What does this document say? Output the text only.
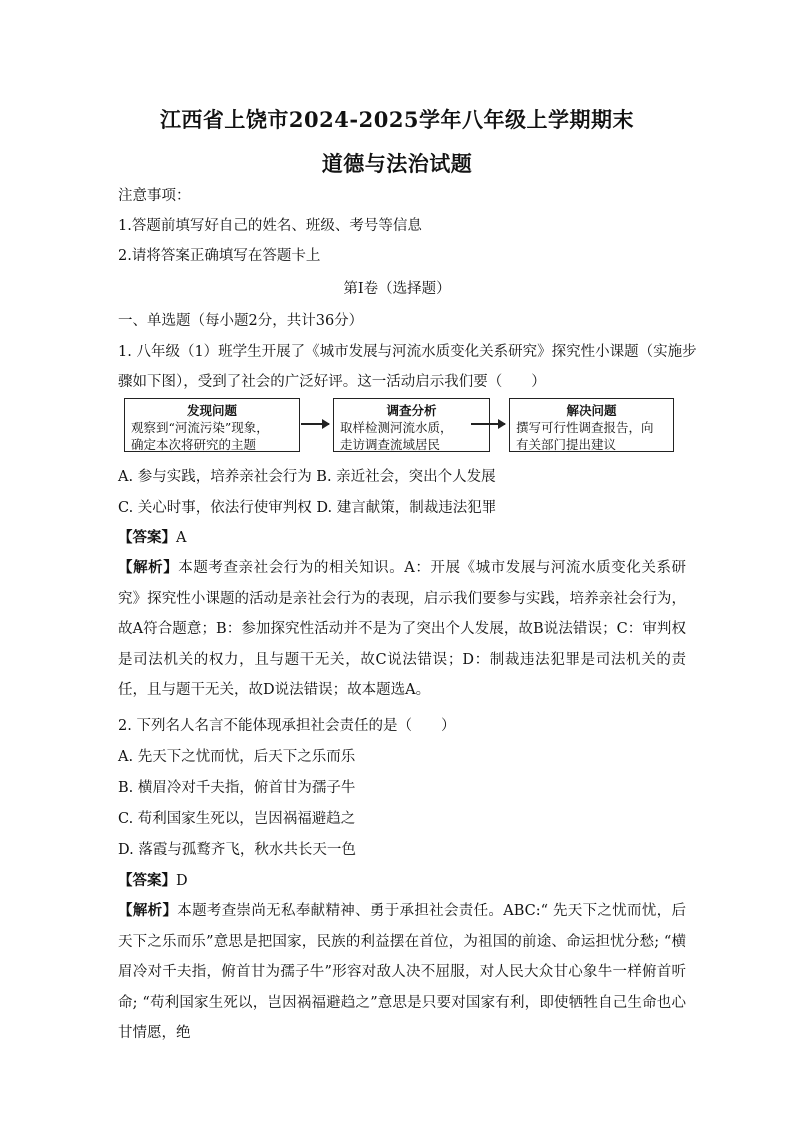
江西省上饶市2024-2025学年八年级上学期期末
道德与法治试题
注意事项：
1.答题前填写好自己的姓名、班级、考号等信息
2.请将答案正确填写在答题卡上
第Ⅰ卷（选择题）
一、单选题（每小题2分，共计36分）
1. 八年级（1）班学生开展了《城市发展与河流水质变化关系研究》探究性小课题（实施步
骤如下图），受到了社会的广泛好评。这一活动启示我们要（　　）
发现问题
观察到“河流污染”现象，
确定本次将研究的主题
调查分析
取样检测河流水质，
走访调查流域居民
解决问题
撰写可行性调查报告，向
有关部门提出建议
A. 参与实践，培养亲社会行为 B. 亲近社会，突出个人发展
C. 关心时事，依法行使审判权 D. 建言献策，制裁违法犯罪
【答案】A
【解析】本题考查亲社会行为的相关知识。A：开展《城市发展与河流水质变化关系研究》探究性小课题的活动是亲社会行为的表现，启示我们要参与实践，培养亲社会行为，故A符合题意；B：参加探究性活动并不是为了突出个人发展，故B说法错误；C：审判权是司法机关的权力，且与题干无关，故C说法错误；D：制裁违法犯罪是司法机关的责任，且与题干无关，故D说法错误；故本题选A。
2. 下列名人名言不能体现承担社会责任的是（　　）
A. 先天下之忧而忧，后天下之乐而乐
B. 横眉冷对千夫指，俯首甘为孺子牛
C. 苟利国家生死以，岂因祸福避趋之
D. 落霞与孤鹜齐飞，秋水共长天一色
【答案】D
【解析】本题考查崇尚无私奉献精神、勇于承担社会责任。ABC:“ 先天下之忧而忧，后天下之乐而乐”意思是把国家，民族的利益摆在首位，为祖国的前途、命运担忧分愁; “横眉冷对千夫指，俯首甘为孺子牛”形容对敌人决不屈服，对人民大众甘心象牛一样俯首听命; “苟利国家生死以，岂因祸福避趋之”意思是只要对国家有利，即使牺牲自己生命也心甘情愿，绝
